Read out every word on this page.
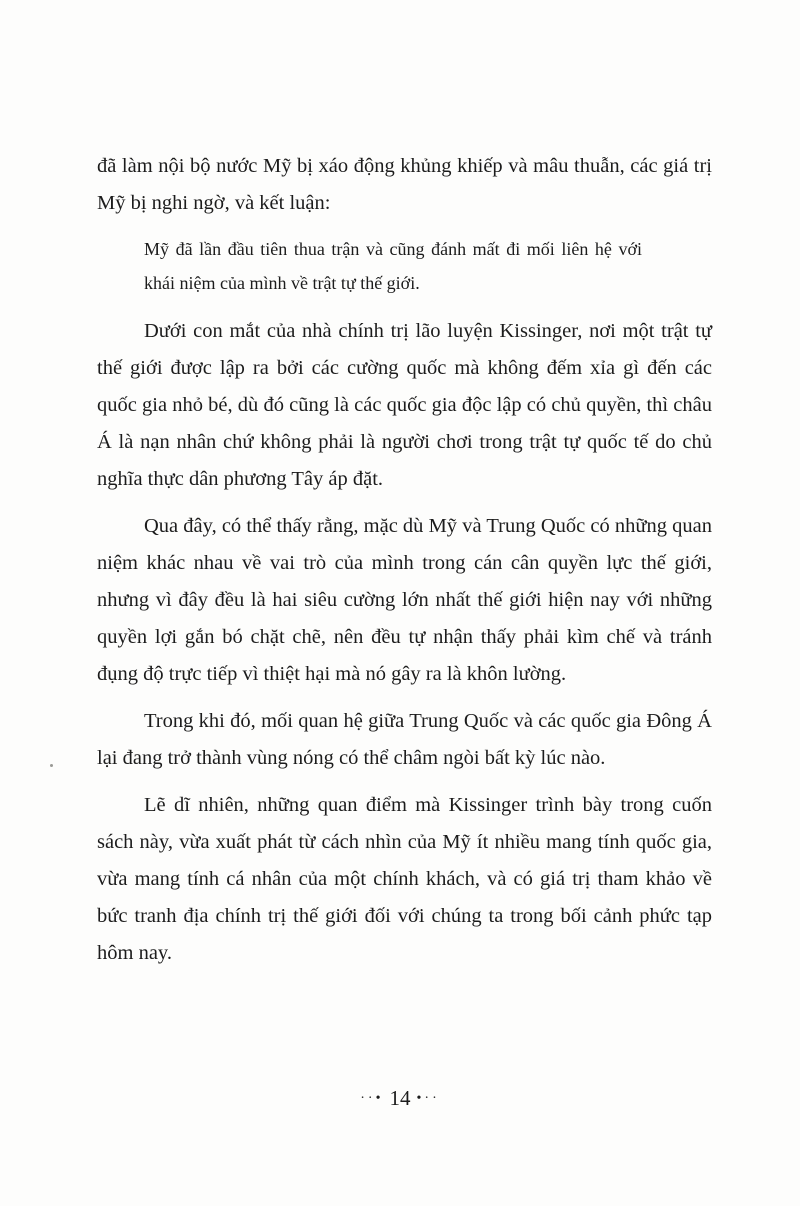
đã làm nội bộ nước Mỹ bị xáo động khủng khiếp và mâu thuẫn, các giá trị Mỹ bị nghi ngờ, và kết luận:

Mỹ đã lần đầu tiên thua trận và cũng đánh mất đi mối liên hệ với khái niệm của mình về trật tự thế giới.

Dưới con mắt của nhà chính trị lão luyện Kissinger, nơi một trật tự thế giới được lập ra bởi các cường quốc mà không đếm xỉa gì đến các quốc gia nhỏ bé, dù đó cũng là các quốc gia độc lập có chủ quyền, thì châu Á là nạn nhân chứ không phải là người chơi trong trật tự quốc tế do chủ nghĩa thực dân phương Tây áp đặt.

Qua đây, có thể thấy rằng, mặc dù Mỹ và Trung Quốc có những quan niệm khác nhau về vai trò của mình trong cán cân quyền lực thế giới, nhưng vì đây đều là hai siêu cường lớn nhất thế giới hiện nay với những quyền lợi gắn bó chặt chẽ, nên đều tự nhận thấy phải kìm chế và tránh đụng độ trực tiếp vì thiệt hại mà nó gây ra là khôn lường.

Trong khi đó, mối quan hệ giữa Trung Quốc và các quốc gia Đông Á lại đang trở thành vùng nóng có thể châm ngòi bất kỳ lúc nào.

Lẽ dĩ nhiên, những quan điểm mà Kissinger trình bày trong cuốn sách này, vừa xuất phát từ cách nhìn của Mỹ ít nhiều mang tính quốc gia, vừa mang tính cá nhân của một chính khách, và có giá trị tham khảo về bức tranh địa chính trị thế giới đối với chúng ta trong bối cảnh phức tạp hôm nay.

··• 14 •··
